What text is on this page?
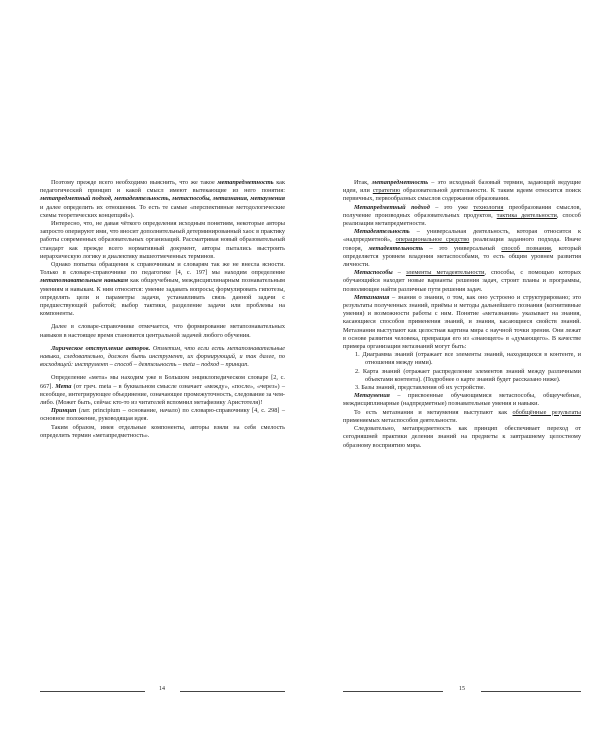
Поэтому прежде всего необходимо выяснить, что же такое метапредметность как педагогический принцип и какой смысл имеют вытекающие из него понятия: метапредметный подход, метадеятельность, метаспособы, метазнания, метаумения и далее определить их отношения. То есть те самые «перспективные методологические схемы теоретических концепций»).

Интересно, что, не давая чёткого определения исходным понятиям, некоторые авторы запросто оперируют ими, что вносит дополнительный детерминированный хаос в практику работы современных образовательных организаций. Рассматривая новый образовательный стандарт как прежде всего нормативный документ, авторы пытались выстроить иерархическую логику и диалектику вышеотмеченных терминов.

Однако попытка обращения к справочникам и словарям так же не внесла ясности. Только в словаре-справочнике по педагогике [4, с. 197] мы находим определение метапознавательным навыкам как общеучебным, междисциплинарным познавательным умениям и навыкам. К ним относятся: умение задавать вопросы; формулировать гипотезы, определять цели и параметры задачи, устанавливать связь данной задачи с предшествующей работой; выбор тактики, разделение задачи или проблемы на компоненты.

Далее в словаре-справочнике отмечается, что формирование метапознавательных навыков в настоящее время становится центральной задачей любого обучения.

Лирическое отступление авторов. Отметим, что если есть метапознавательные навыки, следовательно, должен быть инструмент, их формирующий, и так далее, по восходящей: инструмент – способ – деятельность – meta – подход – принцип.

Определение «мета» мы находим уже в Большом энциклопедическом словаре [2, с. 667]. Мета (от греч. meta – в буквальном смысле означает «между», «после», «через») – всеобщее, интегрирующее объединение, означающее промежуточность, следование за чем-либо. (Может быть, сейчас кто-то из читателей вспомнил метафизику Аристотеля)!

Принцип (лат. principium – основание, начало) по словарю-справочнику [4, с. 298] – основное положение, руководящая идея.

Таким образом, имея отдельные компоненты, авторы взяли на себя смелость определить термин «метапредметность».

14

Итак, метапредметность – это исходный базовый термин, задающий ведущие идеи, или стратегию образовательной деятельности. К таким идеям относится поиск первичных, первообразных смыслов содержания образования.

Метапредметный подход – это уже технология преобразования смыслов, получение производных образовательных продуктов, тактика деятельности, способ реализации метапредметности.

Метадеятельность – универсальная деятельность, которая относится к «надпредметной», операциональное средство реализации заданного подхода. Иначе говоря, метадеятельность – это универсальный способ познания, который определяется уровнем владения метаспособами, то есть общим уровнем развития личности.

Метаспособы – элементы метадеятельности, способы, с помощью которых обучающийся находит новые варианты решения задач, строит планы и программы, позволяющие найти различные пути решения задач.

Метазнания – знания о знании, о том, как оно устроено и структурировано; это результаты полученных знаний, приёмы и методы дальнейшего познания (когнитивные умения) и возможности работы с ним. Понятие «метазнания» указывает на знания, касающиеся способов применения знаний, и знания, касающиеся свойств знаний. Метазнания выступают как целостная картина мира с научной точки зрения. Они лежат в основе развития человека, превращая его из «знающего» в «думающего». В качестве примера организации метазнаний могут быть:

1. Диаграмма знаний (отражает все элементы знаний, находящихся в контенте, и отношения между ними).

2. Карта знаний (отражает распределение элементов знаний между различными объектами контента). (Подробнее о карте знаний будет рассказано ниже).

3. Базы знаний, представления об их устройстве.

Метаумения – присвоенные обучающимися метаспособы, общеучебные, междисциплинарные (надпредметные) познавательные умения и навыки.

То есть метазнания и метаумения выступают как обобщённые результаты применяемых метаспособов деятельности.

Следовательно, метапредметность как принцип обеспечивает переход от сегодняшней практики деления знаний на предметы к завтрашнему целостному образному восприятию мира.

15
